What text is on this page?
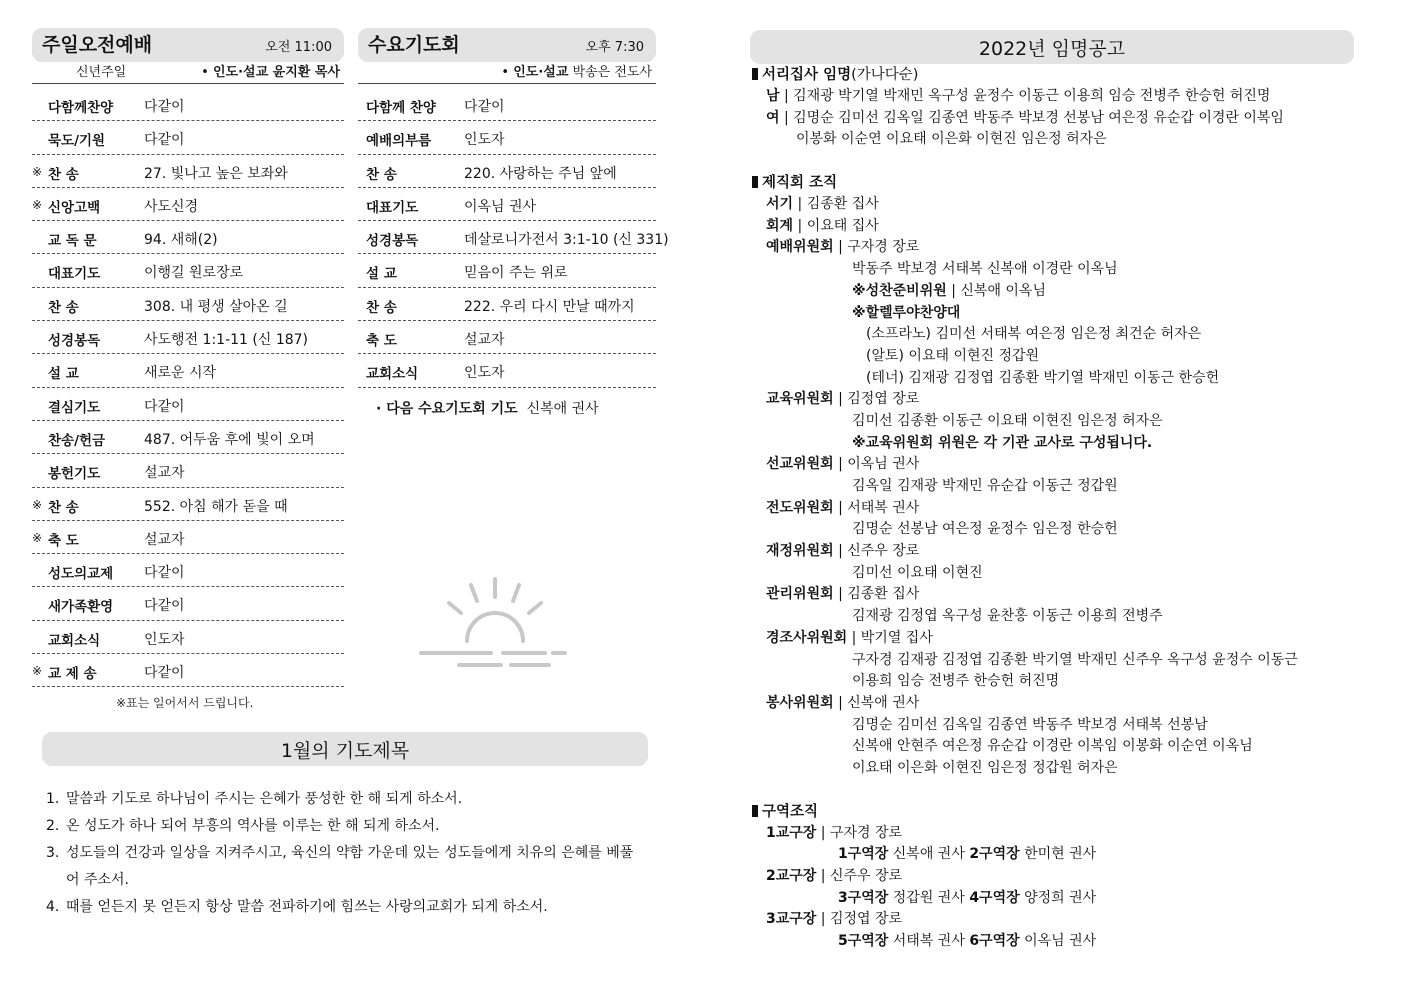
주일오전예배	오전 11:00
신년주일	• 인도·설교 윤지환 목사
다함께찬양	다같이
묵도/기원	다같이
※ 찬 송	27. 빛나고 높은 보좌와
※ 신앙고백	사도신경
교 독 문	94. 새해(2)
대표기도	이행길 원로장로
찬 송	308. 내 평생 살아온 길
성경봉독	사도행전 1:1-11 (신 187)
설 교	새로운 시작
결심기도	다같이
찬송/헌금	487. 어두움 후에 빛이 오며
봉헌기도	설교자
※ 찬 송	552. 아침 해가 돋을 때
※ 축 도	설교자
성도의교제	다같이
새가족환영	다같이
교회소식	인도자
※ 교 제 송	다같이
※표는 일어서서 드립니다.
수요기도회	오후 7:30
• 인도·설교 박송은 전도사
다함께 찬양	다같이
예배의부름	인도자
찬 송	220. 사랑하는 주님 앞에
대표기도	이옥님 권사
성경봉독	데살로니가전서 3:1-10 (신 331)
설 교	믿음이 주는 위로
찬 송	222. 우리 다시 만날 때까지
축 도	설교자
교회소식	인도자
· 다음 수요기도회 기도 신복애 권사
1월의 기도제목
1. 말씀과 기도로 하나님이 주시는 은혜가 풍성한 한 해 되게 하소서.
2. 온 성도가 하나 되어 부흥의 역사를 이루는 한 해 되게 하소서.
3. 성도들의 건강과 일상을 지켜주시고, 육신의 약함 가운데 있는 성도들에게 치유의 은혜를 베풀어 주소서.
4. 때를 얻든지 못 얻든지 항상 말씀 전파하기에 힘쓰는 사랑의교회가 되게 하소서.
2022년 임명공고
서리집사 임명(가나다순)
남 | 김재광 박기열 박재민 옥구성 윤정수 이동근 이용희 임승 전병주 한승헌 허진명
여 | 김명순 김미선 김옥일 김종연 박동주 박보경 선봉남 여은정 유순갑 이경란 이복임
이봉화 이순연 이요태 이은화 이현진 임은정 허자은
제직회 조직
서기 | 김종환 집사
회계 | 이요태 집사
예배위원회 | 구자경 장로
박동주 박보경 서태복 신복애 이경란 이옥님
※성찬준비위원 | 신복애 이옥님
※할렐루야찬양대
(소프라노) 김미선 서태복 여은정 임은정 최건순 허자은
(알토) 이요태 이현진 정갑원
(테너) 김재광 김정엽 김종환 박기열 박재민 이동근 한승헌
교육위원회 | 김정엽 장로
김미선 김종환 이동근 이요태 이현진 임은정 허자은
※교육위원회 위원은 각 기관 교사로 구성됩니다.
선교위원회 | 이옥님 권사
김옥일 김재광 박재민 유순갑 이동근 정갑원
전도위원회 | 서태복 권사
김명순 선봉남 여은정 윤정수 임은정 한승헌
재정위원회 | 신주우 장로
김미선 이요태 이현진
관리위원회 | 김종환 집사
김재광 김정엽 옥구성 윤찬홍 이동근 이용희 전병주
경조사위원회 | 박기열 집사
구자경 김재광 김정엽 김종환 박기열 박재민 신주우 옥구성 윤정수 이동근
이용희 임승 전병주 한승헌 허진명
봉사위원회 | 신복애 권사
김명순 김미선 김옥일 김종연 박동주 박보경 서태복 선봉남
신복애 안현주 여은정 유순갑 이경란 이복임 이봉화 이순연 이옥님
이요태 이은화 이현진 임은정 정갑원 허자은
구역조직
1교구장 | 구자경 장로
1구역장 신복애 권사 2구역장 한미현 권사
2교구장 | 신주우 장로
3구역장 정갑원 권사 4구역장 양정희 권사
3교구장 | 김정엽 장로
5구역장 서태복 권사 6구역장 이옥님 권사
